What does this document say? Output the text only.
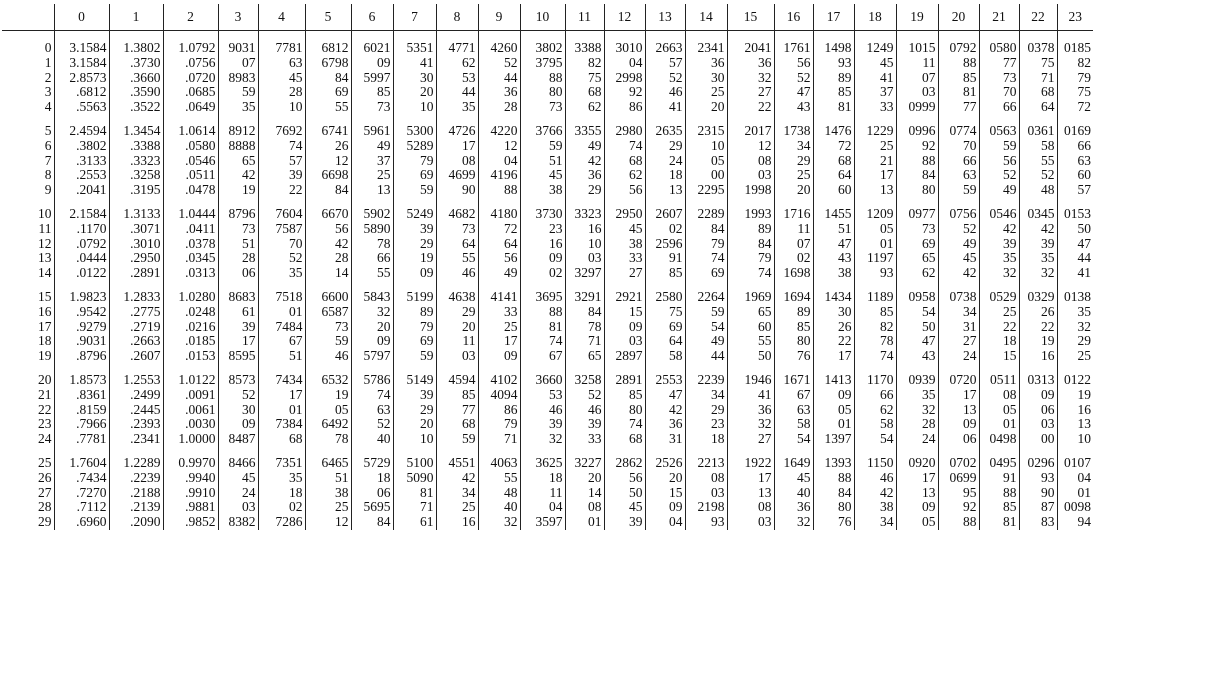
	0	1	2	3	4	5	6	7	8	9	10	11	12	13	14	15	16	17	18	19	20	21	22	23

0	3.1584	1.3802	1.0792	9031	7781	6812	6021	5351	4771	4260	3802	3388	3010	2663	2341	2041	1761	1498	1249	1015	0792	0580	0378	0185
1	3.1584	.3730	.0756	07	63	6798	09	41	62	52	3795	82	04	57	36	36	56	93	45	11	88	77	75	82
2	2.8573	.3660	.0720	8983	45	84	5997	30	53	44	88	75	2998	52	30	32	52	89	41	07	85	73	71	79
3	.6812	.3590	.0685	59	28	69	85	20	44	36	80	68	92	46	25	27	47	85	37	03	81	70	68	75
4	.5563	.3522	.0649	35	10	55	73	10	35	28	73	62	86	41	20	22	43	81	33	0999	77	66	64	72

5	2.4594	1.3454	1.0614	8912	7692	6741	5961	5300	4726	4220	3766	3355	2980	2635	2315	2017	1738	1476	1229	0996	0774	0563	0361	0169
6	.3802	.3388	.0580	8888	74	26	49	5289	17	12	59	49	74	29	10	12	34	72	25	92	70	59	58	66
7	.3133	.3323	.0546	65	57	12	37	79	08	04	51	42	68	24	05	08	29	68	21	88	66	56	55	63
8	.2553	.3258	.0511	42	39	6698	25	69	4699	4196	45	36	62	18	00	03	25	64	17	84	63	52	52	60
9	.2041	.3195	.0478	19	22	84	13	59	90	88	38	29	56	13	2295	1998	20	60	13	80	59	49	48	57

10	2.1584	1.3133	1.0444	8796	7604	6670	5902	5249	4682	4180	3730	3323	2950	2607	2289	1993	1716	1455	1209	0977	0756	0546	0345	0153
11	.1170	.3071	.0411	73	7587	56	5890	39	73	72	23	16	45	02	84	89	11	51	05	73	52	42	42	50
12	.0792	.3010	.0378	51	70	42	78	29	64	64	16	10	38	2596	79	84	07	47	01	69	49	39	39	47
13	.0444	.2950	.0345	28	52	28	66	19	55	56	09	03	33	91	74	79	02	43	1197	65	45	35	35	44
14	.0122	.2891	.0313	06	35	14	55	09	46	49	02	3297	27	85	69	74	1698	38	93	62	42	32	32	41

15	1.9823	1.2833	1.0280	8683	7518	6600	5843	5199	4638	4141	3695	3291	2921	2580	2264	1969	1694	1434	1189	0958	0738	0529	0329	0138
16	.9542	.2775	.0248	61	01	6587	32	89	29	33	88	84	15	75	59	65	89	30	85	54	34	25	26	35
17	.9279	.2719	.0216	39	7484	73	20	79	20	25	81	78	09	69	54	60	85	26	82	50	31	22	22	32
18	.9031	.2663	.0185	17	67	59	09	69	11	17	74	71	03	64	49	55	80	22	78	47	27	18	19	29
19	.8796	.2607	.0153	8595	51	46	5797	59	03	09	67	65	2897	58	44	50	76	17	74	43	24	15	16	25

20	1.8573	1.2553	1.0122	8573	7434	6532	5786	5149	4594	4102	3660	3258	2891	2553	2239	1946	1671	1413	1170	0939	0720	0511	0313	0122
21	.8361	.2499	.0091	52	17	19	74	39	85	4094	53	52	85	47	34	41	67	09	66	35	17	08	09	19
22	.8159	.2445	.0061	30	01	05	63	29	77	86	46	46	80	42	29	36	63	05	62	32	13	05	06	16
23	.7966	.2393	.0030	09	7384	6492	52	20	68	79	39	39	74	36	23	32	58	01	58	28	09	01	03	13
24	.7781	.2341	1.0000	8487	68	78	40	10	59	71	32	33	68	31	18	27	54	1397	54	24	06	0498	00	10

25	1.7604	1.2289	0.9970	8466	7351	6465	5729	5100	4551	4063	3625	3227	2862	2526	2213	1922	1649	1393	1150	0920	0702	0495	0296	0107
26	.7434	.2239	.9940	45	35	51	18	5090	42	55	18	20	56	20	08	17	45	88	46	17	0699	91	93	04
27	.7270	.2188	.9910	24	18	38	06	81	34	48	11	14	50	15	03	13	40	84	42	13	95	88	90	01
28	.7112	.2139	.9881	03	02	25	5695	71	25	40	04	08	45	09	2198	08	36	80	38	09	92	85	87	0098
29	.6960	.2090	.9852	8382	7286	12	84	61	16	32	3597	01	39	04	93	03	32	76	34	05	88	81	83	94
